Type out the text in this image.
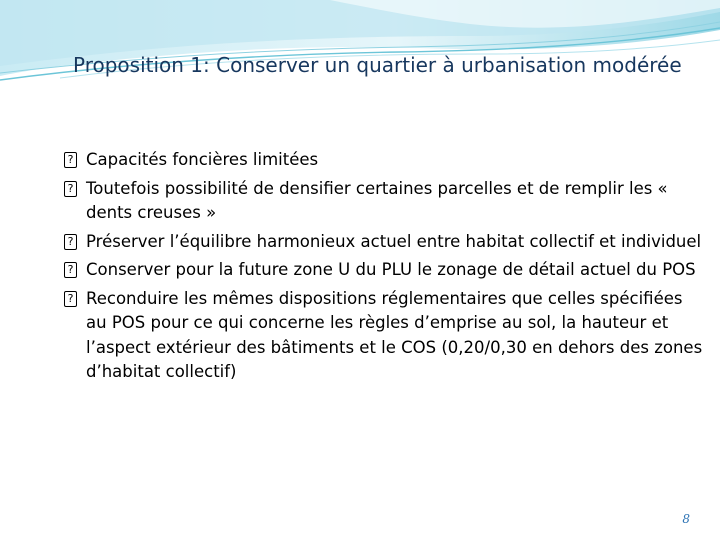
Proposition 1: Conserver un quartier à urbanisation modérée
? Capacités foncières limitées
? Toutefois possibilité de densifier certaines parcelles et de remplir les « dents creuses »
? Préserver l’équilibre harmonieux actuel entre habitat collectif et individuel
? Conserver pour la future zone U du PLU le zonage de détail actuel du POS
? Reconduire les mêmes dispositions réglementaires que celles spécifiées au POS pour ce qui concerne les règles d’emprise au sol, la hauteur et l’aspect extérieur des bâtiments et le COS (0,20/0,30 en dehors des zones d’habitat collectif)
8
